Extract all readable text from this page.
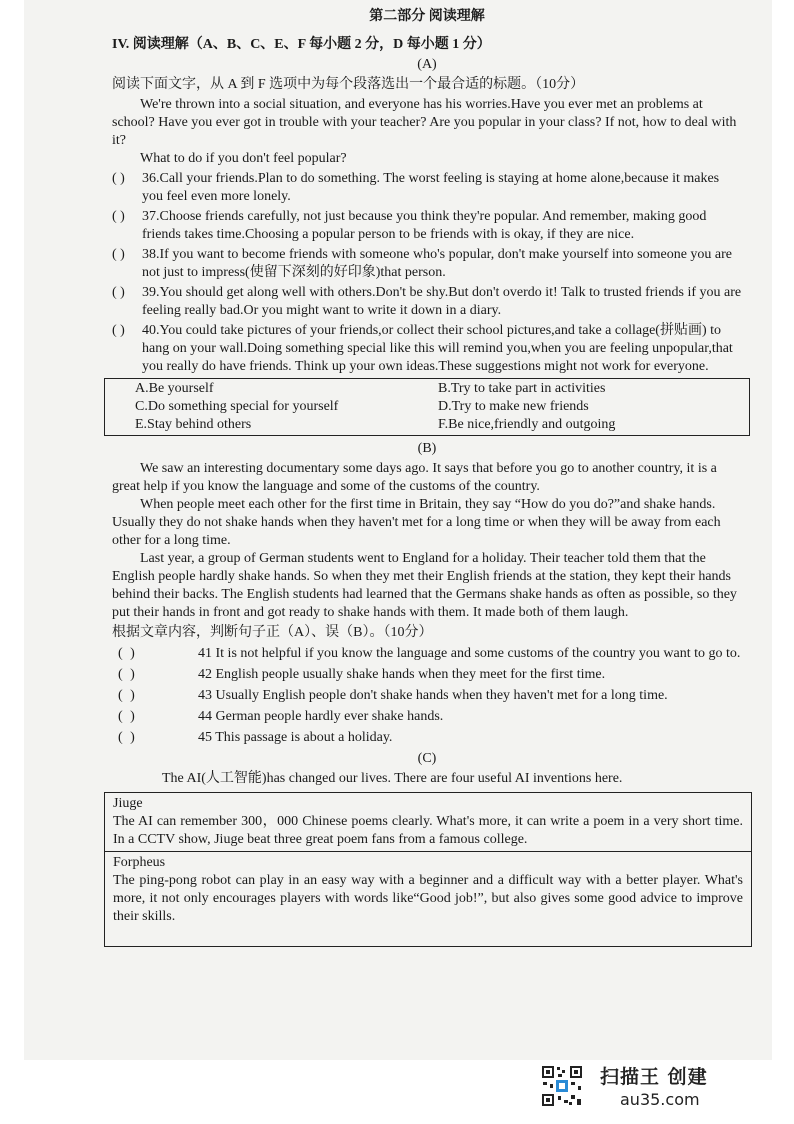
第二部分 阅读理解
IV. 阅读理解（A、B、C、E、F 每小题 2 分，D 每小题 1 分）
(A)
阅读下面文字，从 A 到 F 选项中为每个段落选出一个最合适的标题。（10分）

We're thrown into a social situation, and everyone has his worries.Have you ever met an problems at school? Have you ever got in trouble with your teacher? Are you popular in your class? If not, how to deal with it?

What to do if you don't feel popular?

( ) 36.Call your friends.Plan to do something. The worst feeling is staying at home alone,because it makes you feel even more lonely.
( ) 37.Choose friends carefully, not just because you think they're popular. And remember, making good friends takes time.Choosing a popular person to be friends with is okay, if they are nice.
( ) 38.If you want to become friends with someone who's popular, don't make yourself into someone you are not just to impress(使留下深刻的好印象)that person.
( ) 39.You should get along well with others.Don't be shy.But don't overdo it! Talk to trusted friends if you are feeling really bad.Or you might want to write it down in a diary.
( ) 40.You could take pictures of your friends,or collect their school pictures,and take a collage(拼贴画) to hang on your wall.Doing something special like this will remind you,when you are feeling unpopular,that you really do have friends. Think up your own ideas.These suggestions might not work for everyone.
A.Be yourself	B.Try to take part in activities
C.Do something special for yourself	D.Try to make new friends
E.Stay behind others	F.Be nice,friendly and outgoing
(B)

We saw an interesting documentary some days ago. It says that before you go to another country, it is a great help if you know the language and some of the customs of the country.

When people meet each other for the first time in Britain, they say “How do you do?”and shake hands. Usually they do not shake hands when they haven't met for a long time or when they will be away from each other for a long time.

Last year, a group of German students went to England for a holiday. Their teacher told them that the English people hardly shake hands. So when they met their English friends at the station, they kept their hands behind their backs. The English students had learned that the Germans shake hands as often as possible, so they put their hands in front and got ready to shake hands with them. It made both of them laugh.

根据文章内容，判断句子正（A）、误（B）。（10分）
( )	41 It is not helpful if you know the language and some customs of the country you want to go to.
( )	42 English people usually shake hands when they meet for the first time.
( )	43 Usually English people don't shake hands when they haven't met for a long time.
( )	44 German people hardly ever shake hands.
( )	45 This passage is about a holiday.
(C)

The AI(人工智能)has changed our lives. There are four useful AI inventions here.

Jiuge

The AI can remember 300，000 Chinese poems clearly. What's more, it can write a poem in a very short time. In a CCTV show, Jiuge beat three great poem fans from a famous college.

Forpheus

The ping-pong robot can play in an easy way with a beginner and a difficult way with a better player. What's more, it not only encourages players with words like“Good job!”, but also gives some good advice to improve their skills.

扫描王 创建
au35.com
